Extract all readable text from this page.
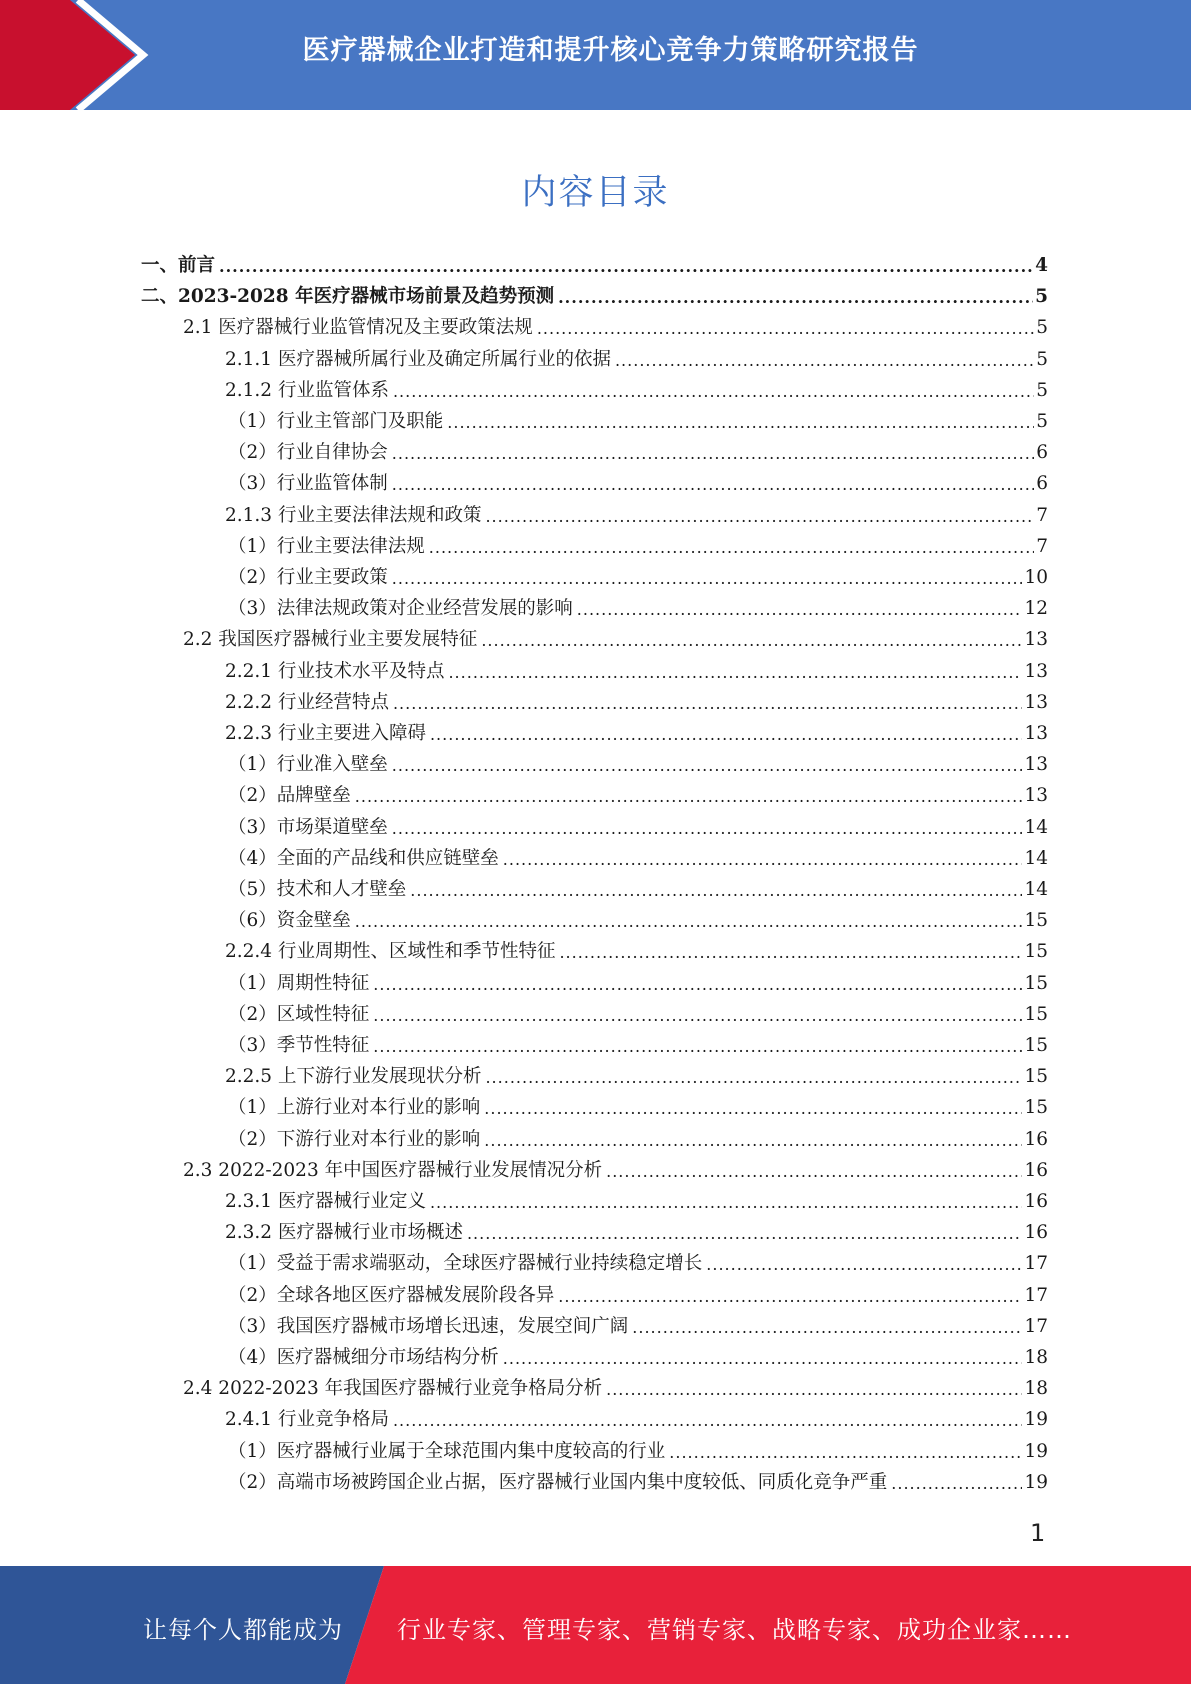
医疗器械企业打造和提升核心竞争力策略研究报告
内容目录
一、前言 .....	4
二、2023-2028 年医疗器械市场前景及趋势预测 .....	5
2.1 医疗器械行业监管情况及主要政策法规 .....	5
2.1.1 医疗器械所属行业及确定所属行业的依据 .....	5
2.1.2 行业监管体系 .....	5
（1）行业主管部门及职能 .....	5
（2）行业自律协会 .....	6
（3）行业监管体制 .....	6
2.1.3 行业主要法律法规和政策 .....	7
（1）行业主要法律法规 .....	7
（2）行业主要政策 .....	10
（3）法律法规政策对企业经营发展的影响 .....	12
2.2 我国医疗器械行业主要发展特征 .....	13
2.2.1 行业技术水平及特点 .....	13
2.2.2 行业经营特点 .....	13
2.2.3 行业主要进入障碍 .....	13
（1）行业准入壁垒 .....	13
（2）品牌壁垒 .....	13
（3）市场渠道壁垒 .....	14
（4）全面的产品线和供应链壁垒 .....	14
（5）技术和人才壁垒 .....	14
（6）资金壁垒 .....	15
2.2.4 行业周期性、区域性和季节性特征 .....	15
（1）周期性特征 .....	15
（2）区域性特征 .....	15
（3）季节性特征 .....	15
2.2.5 上下游行业发展现状分析 .....	15
（1）上游行业对本行业的影响 .....	15
（2）下游行业对本行业的影响 .....	16
2.3 2022-2023 年中国医疗器械行业发展情况分析 .....	16
2.3.1 医疗器械行业定义 .....	16
2.3.2 医疗器械行业市场概述 .....	16
（1）受益于需求端驱动，全球医疗器械行业持续稳定增长 .....	17
（2）全球各地区医疗器械发展阶段各异 .....	17
（3）我国医疗器械市场增长迅速，发展空间广阔 .....	17
（4）医疗器械细分市场结构分析 .....	18
2.4 2022-2023 年我国医疗器械行业竞争格局分析 .....	18
2.4.1 行业竞争格局 .....	19
（1）医疗器械行业属于全球范围内集中度较高的行业 .....	19
（2）高端市场被跨国企业占据，医疗器械行业国内集中度较低、同质化竞争严重 .....	19
1
让每个人都能成为 行业专家、管理专家、营销专家、战略专家、成功企业家……
